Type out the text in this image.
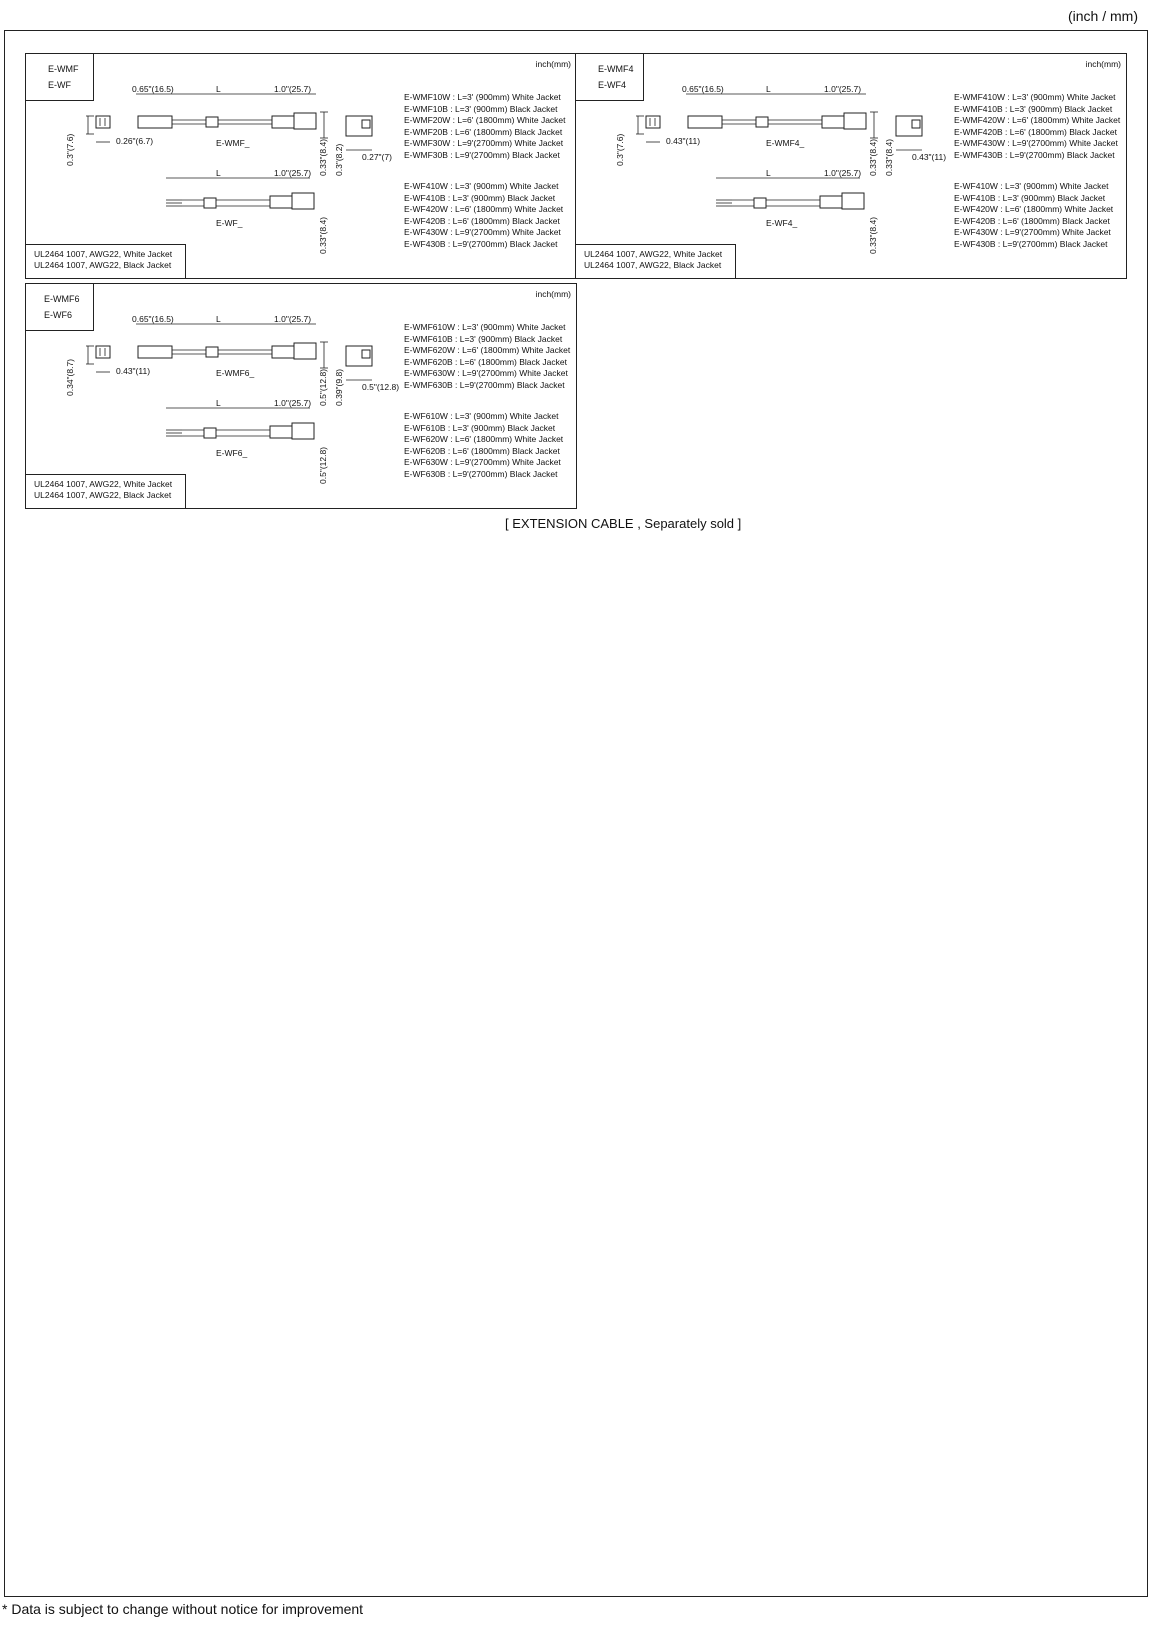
(inch / mm)
0.3"(7.6)	0.26"(6.7)
0.65"(16.5)	L	1.0"(25.7)
E-WMF_	0.33"(8.4) 0.3"(8.2) 0.27"(7)
L	1.0"(25.7)
E-WF_	0.33"(8.4)
E-WMF
E-WF
inch(mm)
E-WMF10W : L=3' (900mm) White Jacket
E-WMF10B : L=3' (900mm) Black Jacket
E-WMF20W : L=6' (1800mm) White Jacket
E-WMF20B : L=6' (1800mm) Black Jacket
E-WMF30W : L=9'(2700mm) White Jacket
E-WMF30B : L=9'(2700mm) Black Jacket
E-WF410W : L=3' (900mm) White Jacket
E-WF410B : L=3' (900mm) Black Jacket
E-WF420W : L=6' (1800mm) White Jacket
E-WF420B : L=6' (1800mm) Black Jacket
E-WF430W : L=9'(2700mm) White Jacket
E-WF430B : L=9'(2700mm) Black Jacket
UL2464 1007, AWG22, White Jacket
UL2464 1007, AWG22, Black Jacket
0.3"(7.6)	0.43"(11)
0.65"(16.5)	L	1.0"(25.7)
E-WMF4_	0.33"(8.4) 0.33"(8.4) 0.43"(11)
L	1.0"(25.7)
E-WF4_	0.33"(8.4)
E-WMF4
E-WF4
inch(mm)
E-WMF410W : L=3' (900mm) White Jacket
E-WMF410B : L=3' (900mm) Black Jacket
E-WMF420W : L=6' (1800mm) White Jacket
E-WMF420B : L=6' (1800mm) Black Jacket
E-WMF430W : L=9'(2700mm) White Jacket
E-WMF430B : L=9'(2700mm) Black Jacket
E-WF410W : L=3' (900mm) White Jacket
E-WF410B : L=3' (900mm) Black Jacket
E-WF420W : L=6' (1800mm) White Jacket
E-WF420B : L=6' (1800mm) Black Jacket
E-WF430W : L=9'(2700mm) White Jacket
E-WF430B : L=9'(2700mm) Black Jacket
UL2464 1007, AWG22, White Jacket
UL2464 1007, AWG22, Black Jacket
0.34"(8.7)	0.43"(11)
0.65"(16.5)	L	1.0"(25.7)
E-WMF6_	0.5"(12.8) 0.39"(9.8) 0.5"(12.8)
L	1.0"(25.7)
E-WF6_	0.5"(12.8)
E-WMF6
E-WF6
inch(mm)
E-WMF610W : L=3' (900mm) White Jacket
E-WMF610B : L=3' (900mm) Black Jacket
E-WMF620W : L=6' (1800mm) White Jacket
E-WMF620B : L=6' (1800mm) Black Jacket
E-WMF630W : L=9'(2700mm) White Jacket
E-WMF630B : L=9'(2700mm) Black Jacket
E-WF610W : L=3' (900mm) White Jacket
E-WF610B : L=3' (900mm) Black Jacket
E-WF620W : L=6' (1800mm) White Jacket
E-WF620B : L=6' (1800mm) Black Jacket
E-WF630W : L=9'(2700mm) White Jacket
E-WF630B : L=9'(2700mm) Black Jacket
UL2464 1007, AWG22, White Jacket
UL2464 1007, AWG22, Black Jacket
[ EXTENSION CABLE , Separately sold ]
* Data is subject to change without notice for improvement
